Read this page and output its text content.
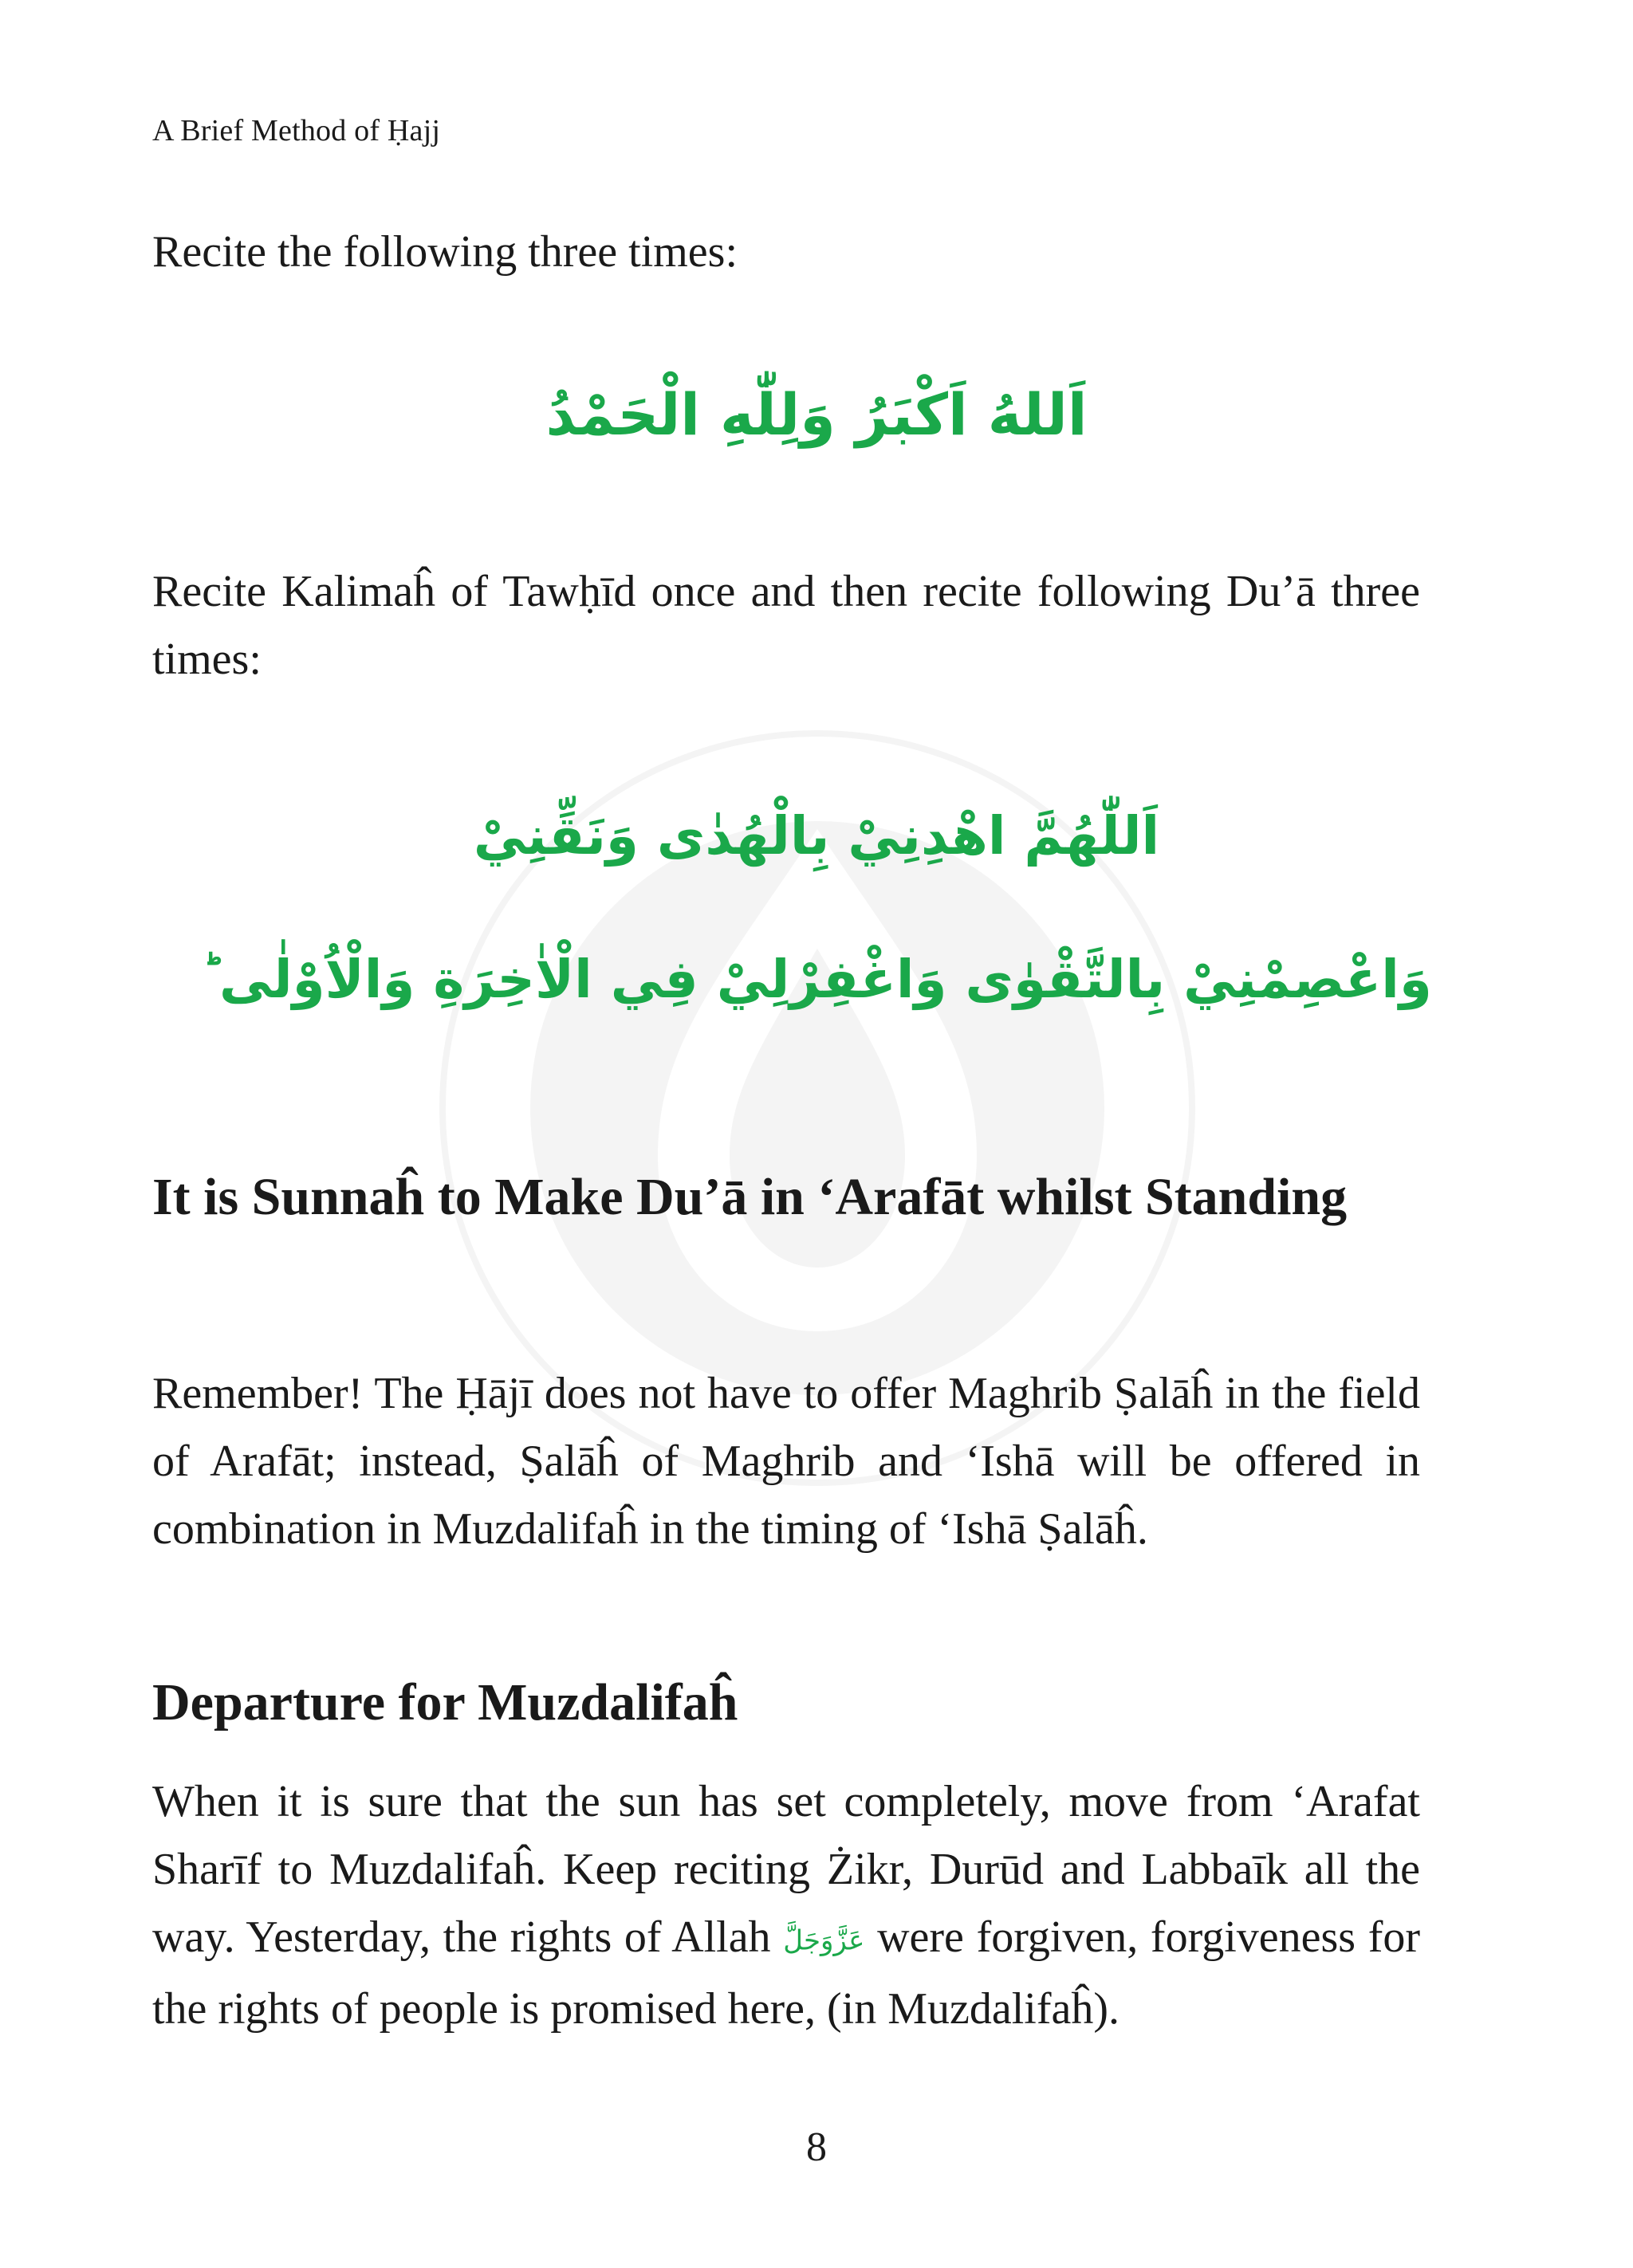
A Brief Method of Ḥajj
Recite the following three times:
اَللهُ اَكْبَرُ وَلِلّٰهِ الْحَمْدُ
Recite Kalimaĥ of Tawḥīd once and then recite following Du’ā three times:
اَللّٰهُمَّ اهْدِنِيْ بِالْهُدٰى وَنَقِّنِيْ
وَاعْصِمْنِيْ بِالتَّقْوٰى وَاغْفِرْلِيْ فِي الْاٰخِرَةِ وَالْاُوْلٰى ؕ
It is Sunnaĥ to Make Du’ā in ‘Arafāt whilst Standing
Remember! The Ḥājī does not have to offer Maghrib Ṣalāĥ in the field of Arafāt; instead, Ṣalāĥ of Maghrib and ‘Ishā will be offered in combination in Muzdalifaĥ in the timing of ‘Ishā Ṣalāĥ.
Departure for Muzdalifaĥ
When it is sure that the sun has set completely, move from ‘Arafat Sharīf to Muzdalifaĥ. Keep reciting Żikr, Durūd and Labbaīk all the way. Yesterday, the rights of Allah عَزَّوَجَلَّ were forgiven, forgiveness for the rights of people is promised here, (in Muzdalifaĥ).
8
